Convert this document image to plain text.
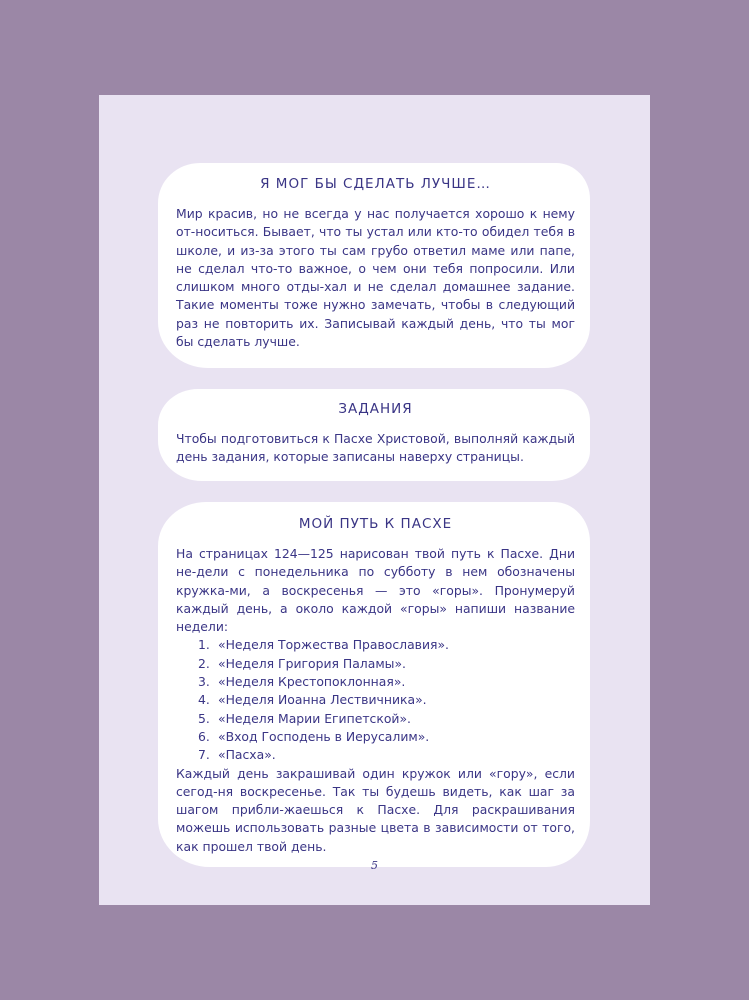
Я МОГ БЫ СДЕЛАТЬ ЛУЧШЕ…

Мир красив, но не всегда у нас получается хорошо к нему от-носиться. Бывает, что ты устал или кто-то обидел тебя в школе, и из-за этого ты сам грубо ответил маме или папе, не сделал что-то важное, о чем они тебя попросили. Или слишком много отды-хал и не сделал домашнее задание. Такие моменты тоже нужно замечать, чтобы в следующий раз не повторить их. Записывай каждый день, что ты мог бы сделать лучше.

ЗАДАНИЯ

Чтобы подготовиться к Пасхе Христовой, выполняй каждый день задания, которые записаны наверху страницы.

МОЙ ПУТЬ К ПАСХЕ

На страницах 124—125 нарисован твой путь к Пасхе. Дни не-дели с понедельника по субботу в нем обозначены кружка-ми, а воскресенья — это «горы». Пронумеруй каждый день, а около каждой «горы» напиши название недели:

1. «Неделя Торжества Православия».
2. «Неделя Григория Паламы».
3. «Неделя Крестопоклонная».
4. «Неделя Иоанна Лествичника».
5. «Неделя Марии Египетской».
6. «Вход Господень в Иерусалим».
7. «Пасха».

Каждый день закрашивай один кружок или «гору», если сегод-ня воскресенье. Так ты будешь видеть, как шаг за шагом прибли-жаешься к Пасхе. Для раскрашивания можешь использовать разные цвета в зависимости от того, как прошел твой день.

5
